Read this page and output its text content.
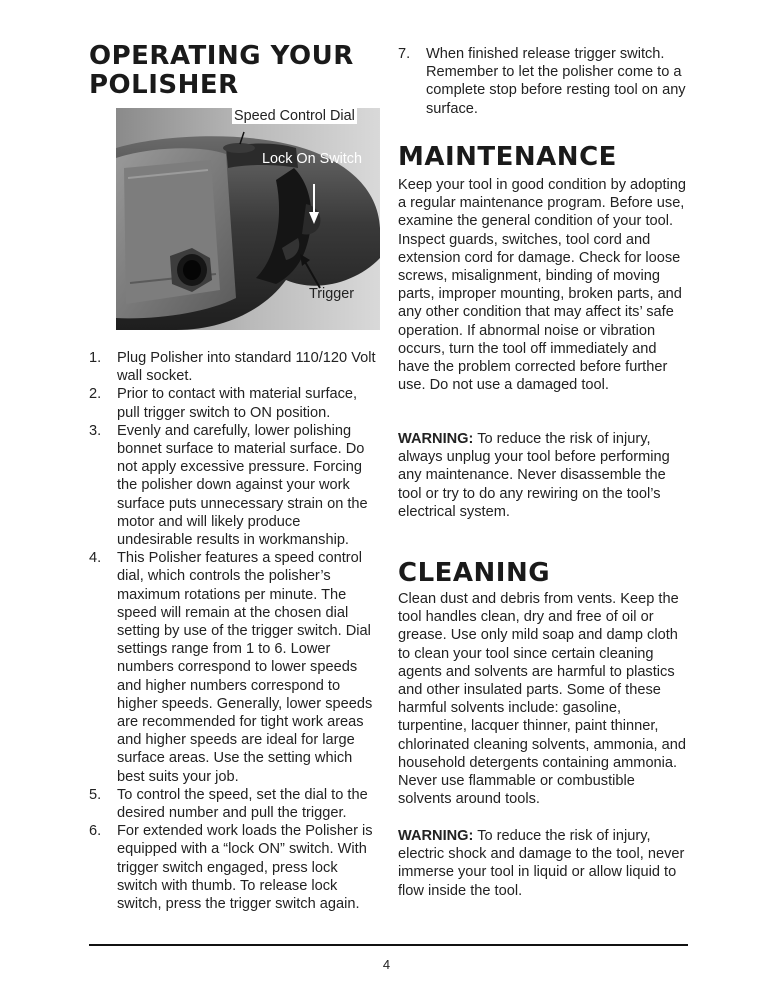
OPERATING YOUR
POLISHER
Speed Control Dial
Lock On Switch
Trigger
1. Plug Polisher into standard 110/120 Volt wall socket.
2. Prior to contact with material surface, pull trigger switch to ON position.
3. Evenly and carefully, lower polishing bonnet surface to material surface. Do not apply excessive pressure. Forcing the polisher down against your work surface puts unnecessary strain on the motor and will likely produce undesirable results in workmanship.
4. This Polisher features a speed control dial, which controls the polisher’s maximum rotations per minute. The speed will remain at the chosen dial setting by use of the trigger switch. Dial settings range from 1 to 6. Lower numbers correspond to lower speeds and higher numbers correspond to higher speeds. Generally, lower speeds are recommended for tight work areas and higher speeds are ideal for large surface areas. Use the setting which best suits your job.
5. To control the speed, set the dial to the desired number and pull the trigger.
6. For extended work loads the Polisher is equipped with a “lock ON” switch. With trigger switch engaged, press lock switch with thumb. To release lock switch, press the trigger switch again.
7. When finished release trigger switch. Remember to let the polisher come to a complete stop before resting tool on any surface.
MAINTENANCE

Keep your tool in good condition by adopting a regular maintenance program. Before use, examine the general condition of your tool. Inspect guards, switches, tool cord and extension cord for damage. Check for loose screws, misalignment, binding of moving parts, improper mounting, broken parts, and any other condition that may affect its’ safe operation. If abnormal noise or vibration occurs, turn the tool off immediately and have the problem corrected before further use. Do not use a damaged tool.

WARNING: To reduce the risk of injury, always unplug your tool before performing any maintenance. Never disassemble the tool or try to do any rewiring on the tool’s electrical system.

CLEANING

Clean dust and debris from vents. Keep the tool handles clean, dry and free of oil or grease. Use only mild soap and damp cloth to clean your tool since certain cleaning agents and solvents are harmful to plastics and other insulated parts. Some of these harmful solvents include: gasoline, turpentine, lacquer thinner, paint thinner, chlorinated cleaning solvents, ammonia, and household detergents containing ammonia. Never use flammable or combustible solvents around tools.

WARNING: To reduce the risk of injury, electric shock and damage to the tool, never immerse your tool in liquid or allow liquid to flow inside the tool.

4
